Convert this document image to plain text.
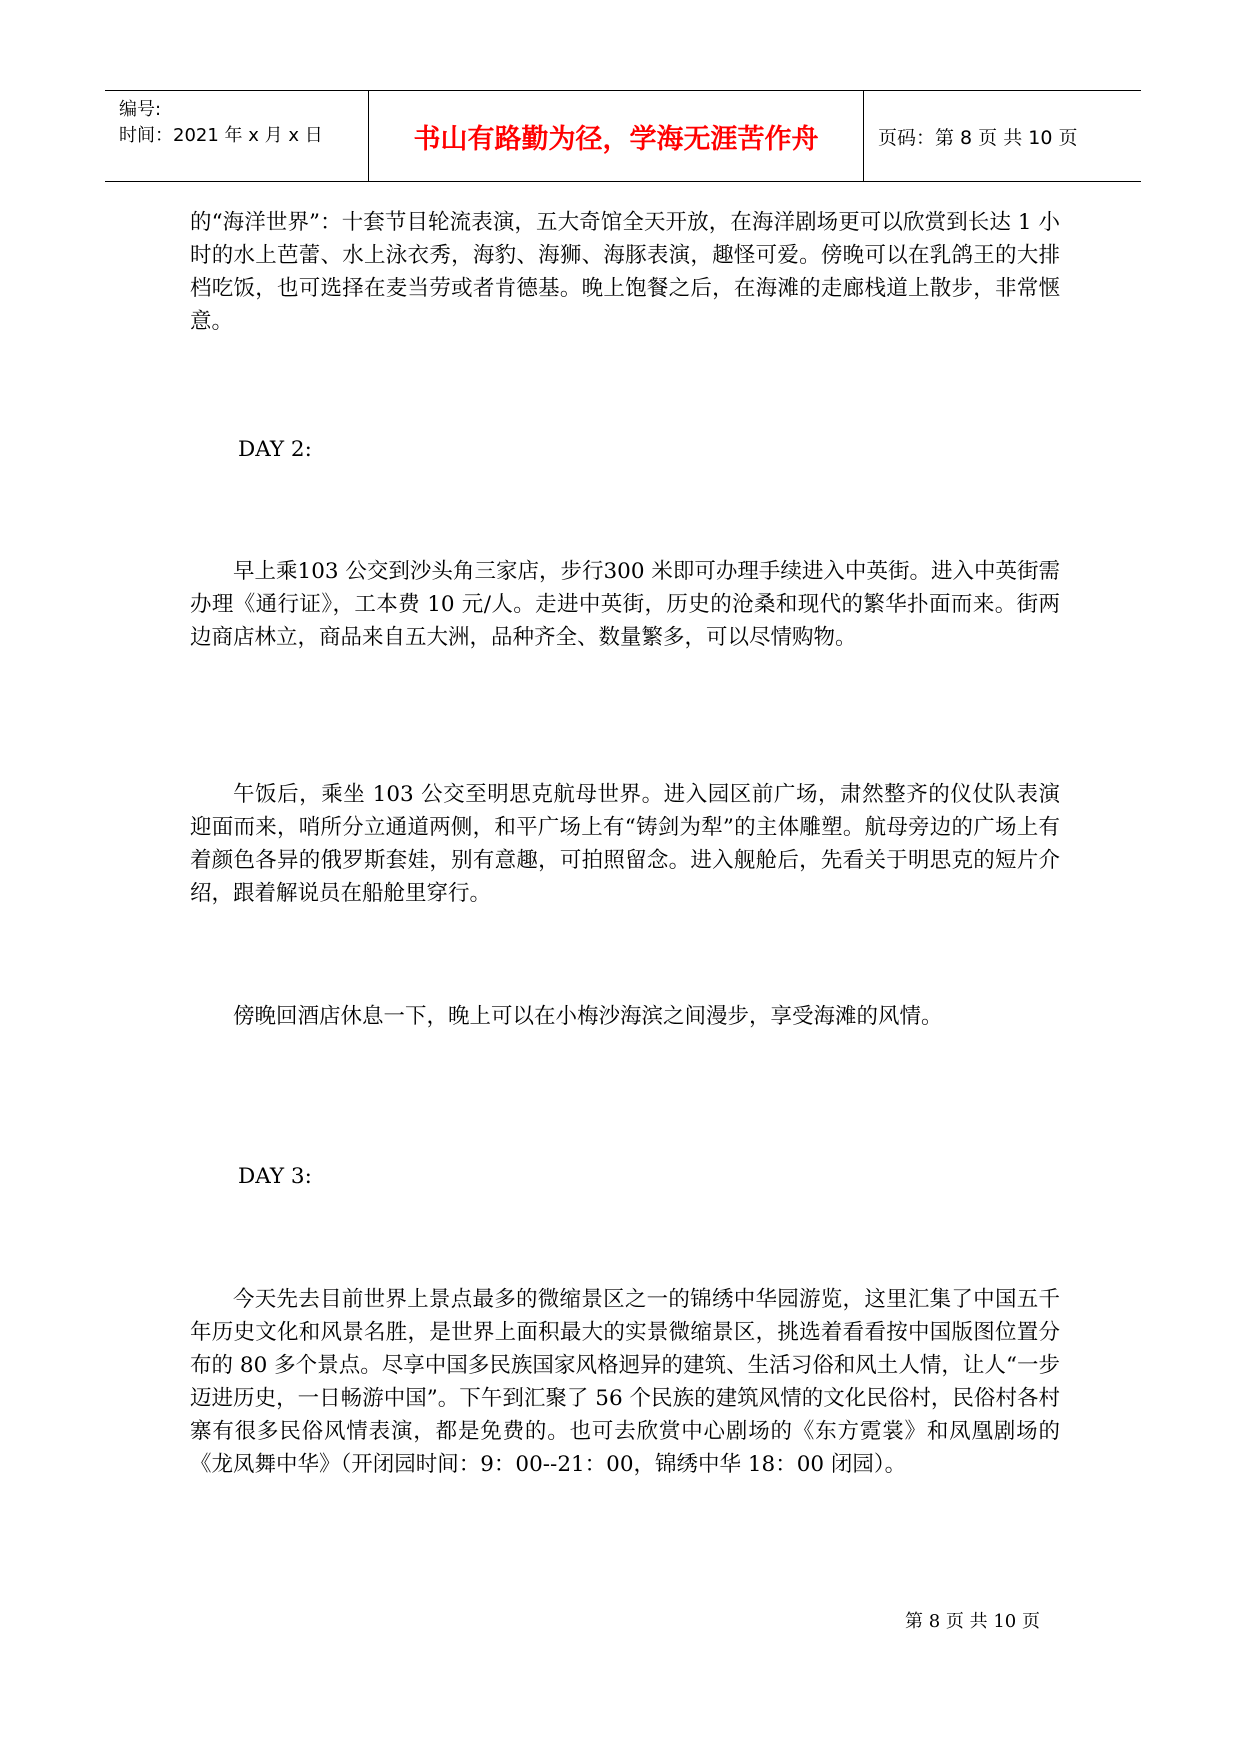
编号:
时间：2021 年 x 月 x 日	书山有路勤为径，学海无涯苦作舟	页码：第 8 页 共 10 页

的“海洋世界”：十套节目轮流表演，五大奇馆全天开放，在海洋剧场更可以欣赏到长达 1 小时的水上芭蕾、水上泳衣秀，海豹、海狮、海豚表演，趣怪可爱。傍晚可以在乳鸽王的大排档吃饭，也可选择在麦当劳或者肯德基。晚上饱餐之后，在海滩的走廊栈道上散步，非常惬意。

DAY 2:

早上乘103 公交到沙头角三家店，步行300 米即可办理手续进入中英街。进入中英街需办理《通行证》，工本费 10 元/人。走进中英街，历史的沧桑和现代的繁华扑面而来。街两边商店林立，商品来自五大洲，品种齐全、数量繁多，可以尽情购物。

午饭后，乘坐 103 公交至明思克航母世界。进入园区前广场，肃然整齐的仪仗队表演迎面而来，哨所分立通道两侧，和平广场上有“铸剑为犁”的主体雕塑。航母旁边的广场上有着颜色各异的俄罗斯套娃，别有意趣，可拍照留念。进入舰舱后，先看关于明思克的短片介绍，跟着解说员在船舱里穿行。

傍晚回酒店休息一下，晚上可以在小梅沙海滨之间漫步，享受海滩的风情。

DAY 3:

今天先去目前世界上景点最多的微缩景区之一的锦绣中华园游览，这里汇集了中国五千年历史文化和风景名胜，是世界上面积最大的实景微缩景区，挑选着看看按中国版图位置分布的 80 多个景点。尽享中国多民族国家风格迥异的建筑、生活习俗和风土人情，让人“一步迈进历史，一日畅游中国”。下午到汇聚了 56 个民族的建筑风情的文化民俗村，民俗村各村寨有很多民俗风情表演，都是免费的。也可去欣赏中心剧场的《东方霓裳》和凤凰剧场的《龙凤舞中华》（开闭园时间：9：00--21：00，锦绣中华 18：00 闭园）。

第 8 页 共 10 页
